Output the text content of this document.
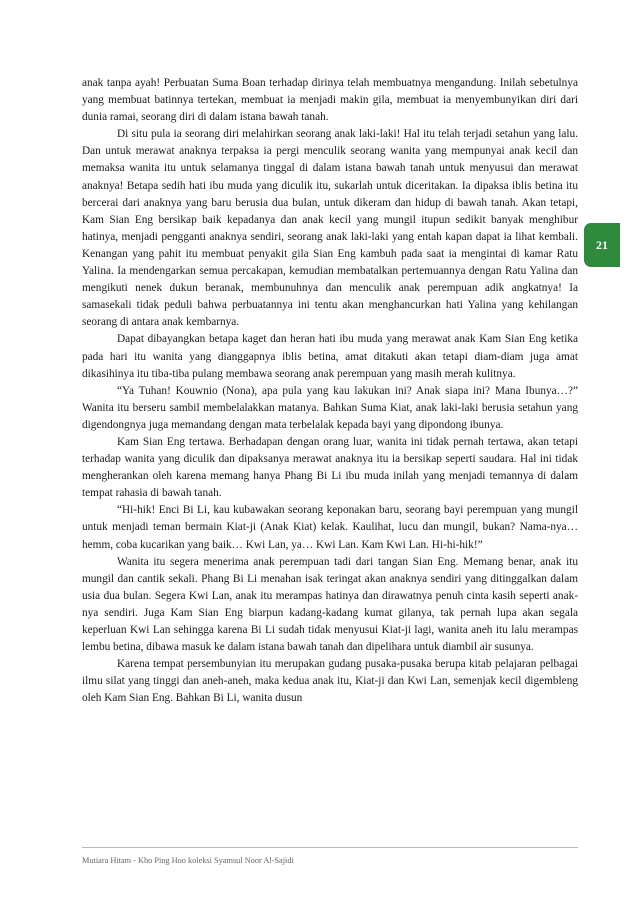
anak tanpa ayah! Perbuatan Suma Boan terhadap dirinya telah membuatnya mengandung. Inilah sebetulnya yang membuat batinnya tertekan, membuat ia menjadi makin gila, membuat ia menyembunyikan diri dari dunia ramai, seorang diri di dalam istana bawah tanah.

Di situ pula ia seorang diri melahirkan seorang anak laki-laki! Hal itu telah terjadi setahun yang lalu. Dan untuk merawat anaknya terpaksa ia pergi menculik seorang wanita yang mempunyai anak kecil dan memaksa wanita itu untuk selamanya tinggal di dalam istana bawah tanah untuk menyusui dan merawat anaknya! Betapa sedih hati ibu muda yang diculik itu, sukarlah untuk diceritakan. Ia dipaksa iblis betina itu bercerai dari anaknya yang baru berusia dua bulan, untuk dikeram dan hidup di bawah tanah. Akan tetapi, Kam Sian Eng bersikap baik kepadanya dan anak kecil yang mungil itupun sedikit banyak menghibur hatinya, menjadi pengganti anaknya sendiri, seorang anak laki-laki yang entah kapan dapat ia lihat kembali. Kenangan yang pahit itu membuat penyakit gila Sian Eng kambuh pada saat ia mengintai di kamar Ratu Yalina. Ia mendengarkan semua percakapan, kemudian membatalkan pertemuannya dengan Ratu Yalina dan mengikuti nenek dukun beranak, membunuhnya dan menculik anak perempuan adik angkatnya! Ia samasekali tidak peduli bahwa perbuatannya ini tentu akan menghancurkan hati Yalina yang kehilangan seorang di antara anak kembarnya.

Dapat dibayangkan betapa kaget dan heran hati ibu muda yang merawat anak Kam Sian Eng ketika pada hari itu wanita yang dianggapnya iblis betina, amat ditakuti akan tetapi diam-diam juga amat dikasihinya itu tiba-tiba pulang membawa seorang anak perempuan yang masih merah kulitnya.

“Ya Tuhan! Kouwnio (Nona), apa pula yang kau lakukan ini? Anak siapa ini? Mana Ibunya…?” Wanita itu berseru sambil membelalakkan matanya. Bahkan Suma Kiat, anak laki-laki berusia setahun yang digendongnya juga memandang dengan mata terbelalak kepada bayi yang dipondong ibunya.

Kam Sian Eng tertawa. Berhadapan dengan orang luar, wanita ini tidak pernah tertawa, akan tetapi terhadap wanita yang diculik dan dipaksanya merawat anaknya itu ia bersikap seperti saudara. Hal ini tidak mengherankan oleh karena memang hanya Phang Bi Li ibu muda inilah yang menjadi temannya di dalam tempat rahasia di bawah tanah.

“Hi-hik! Enci Bi Li, kau kubawakan seorang keponakan baru, seorang bayi perempuan yang mungil untuk menjadi teman bermain Kiat-ji (Anak Kiat) kelak. Kaulihat, lucu dan mungil, bukan? Nama-nya… hemm, coba kucarikan yang baik… Kwi Lan, ya… Kwi Lan. Kam Kwi Lan. Hi-hi-hik!”

Wanita itu segera menerima anak perempuan tadi dari tangan Sian Eng. Memang benar, anak itu mungil dan cantik sekali. Phang Bi Li menahan isak teringat akan anaknya sendiri yang ditinggalkan dalam usia dua bulan. Segera Kwi Lan, anak itu merampas hatinya dan dirawatnya penuh cinta kasih seperti anak-nya sendiri. Juga Kam Sian Eng biarpun kadang-kadang kumat gilanya, tak pernah lupa akan segala keperluan Kwi Lan sehingga karena Bi Li sudah tidak menyusui Kiat-ji lagi, wanita aneh itu lalu merampas lembu betina, dibawa masuk ke dalam istana bawah tanah dan dipelihara untuk diambil air susunya.

Karena tempat persembunyian itu merupakan gudang pusaka-pusaka berupa kitab pelajaran pelbagai ilmu silat yang tinggi dan aneh-aneh, maka kedua anak itu, Kiat-ji dan Kwi Lan, semenjak kecil digembleng oleh Kam Sian Eng. Bahkan Bi Li, wanita dusun

21
Mutiara Hitam - Kho Ping Hoo koleksi Syamsul Noor Al-Sajidi
